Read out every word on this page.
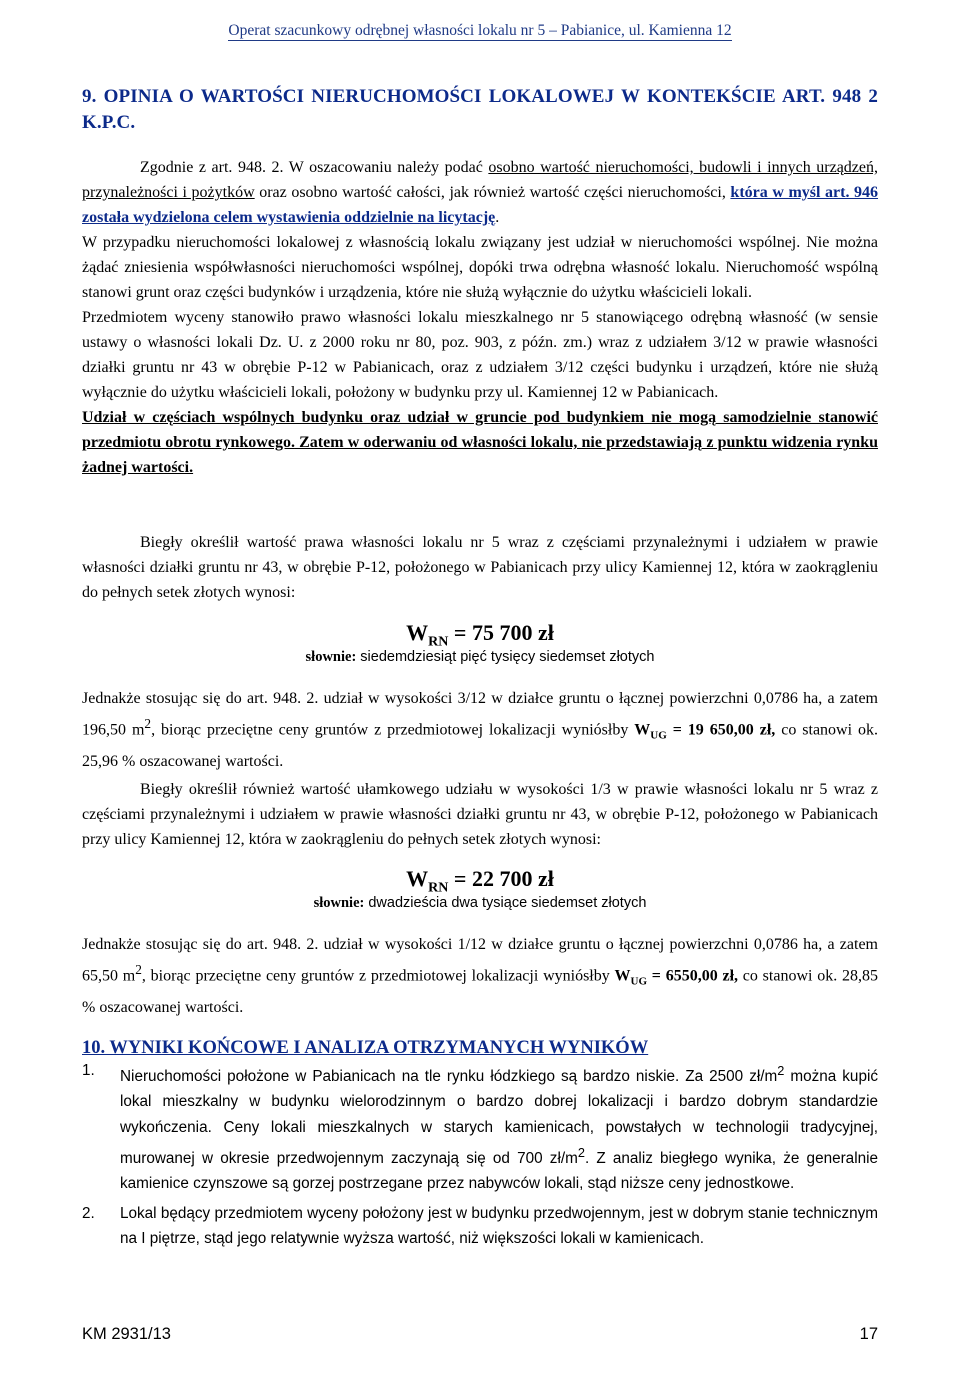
Operat szacunkowy odrębnej własności lokalu nr 5 – Pabianice, ul. Kamienna 12
9. OPINIA O WARTOŚCI NIERUCHOMOŚCI LOKALOWEJ W KONTEKŚCIE ART. 948 2 K.P.C.

Zgodnie z art. 948. 2. W oszacowaniu należy podać osobno wartość nieruchomości, budowli i innych urządzeń, przynależności i pożytków oraz osobno wartość całości, jak również wartość części nieruchomości, która w myśl art. 946 została wydzielona celem wystawienia oddzielnie na licytację.

W przypadku nieruchomości lokalowej z własnością lokalu związany jest udział w nieruchomości wspólnej. Nie można żądać zniesienia współwłasności nieruchomości wspólnej, dopóki trwa odrębna własność lokalu. Nieruchomość wspólną stanowi grunt oraz części budynków i urządzenia, które nie służą wyłącznie do użytku właścicieli lokali.

Przedmiotem wyceny stanowiło prawo własności lokalu mieszkalnego nr 5 stanowiącego odrębną własność (w sensie ustawy o własności lokali Dz. U. z 2000 roku nr 80, poz. 903, z późn. zm.) wraz z udziałem 3/12 w prawie własności działki gruntu nr 43 w obrębie P-12 w Pabianicach, oraz z udziałem 3/12 części budynku i urządzeń, które nie służą wyłącznie do użytku właścicieli lokali, położony w budynku przy ul. Kamiennej 12 w Pabianicach.

Udział w częściach wspólnych budynku oraz udział w gruncie pod budynkiem nie mogą samodzielnie stanowić przedmiotu obrotu rynkowego. Zatem w oderwaniu od własności lokalu, nie przedstawiają z punktu widzenia rynku żadnej wartości.

Biegły określił wartość prawa własności lokalu nr 5 wraz z częściami przynależnymi i udziałem w prawie własności działki gruntu nr 43, w obrębie P-12, położonego w Pabianicach przy ulicy Kamiennej 12, która w zaokrągleniu do pełnych setek złotych wynosi:

$W_{RN} = 75$ 700 zł

słownie: siedemdziesiąt pięć tysięcy siedemset złotych

Jednakże stosując się do art. 948. 2. udział w wysokości 3/12 w działce gruntu o łącznej powierzchni 0,0786 ha, a zatem 196,50 $m^2$, biorąc przeciętne ceny gruntów z przedmiotowej lokalizacji wyniósłby $W_{UG} = 19$ 650,00 zł, co stanowi ok. 25,96 % oszacowanej wartości.

Biegły określił również wartość ułamkowego udziału w wysokości 1/3 w prawie własności lokalu nr 5 wraz z częściami przynależnymi i udziałem w prawie własności działki gruntu nr 43, w obrębie P-12, położonego w Pabianicach przy ulicy Kamiennej 12, która w zaokrągleniu do pełnych setek złotych wynosi:

$W_{RN} = 22$ 700 zł

słownie: dwadzieścia dwa tysiące siedemset złotych

Jednakże stosując się do art. 948. 2. udział w wysokości 1/12 w działce gruntu o łącznej powierzchni 0,0786 ha, a zatem 65,50 $m^2$, biorąc przeciętne ceny gruntów z przedmiotowej lokalizacji wyniósłby $W_{UG} = 6550,00$ zł, co stanowi ok. 28,85 % oszacowanej wartości.

10. WYNIKI KOŃCOWE I ANALIZA OTRZYMANYCH WYNIKÓW
1. Nieruchomości położone w Pabianicach na tle rynku łódzkiego są bardzo niskie. Za 2500 $zł/m^2$ można kupić lokal mieszkalny w budynku wielorodzinnym o bardzo dobrej lokalizacji i bardzo dobrym standardzie wykończenia. Ceny lokali mieszkalnych w starych kamienicach, powstałych w technologii tradycyjnej, murowanej w okresie przedwojennym zaczynają się od 700 $zł/m^2$. Z analiz biegłego wynika, że generalnie kamienice czynszowe są gorzej postrzegane przez nabywców lokali, stąd niższe ceny jednostkowe.
2. Lokal będący przedmiotem wyceny położony jest w budynku przedwojennym, jest w dobrym stanie technicznym na I piętrze, stąd jego relatywnie wyższa wartość, niż większości lokali w kamienicach.
KM 2931/13	17
